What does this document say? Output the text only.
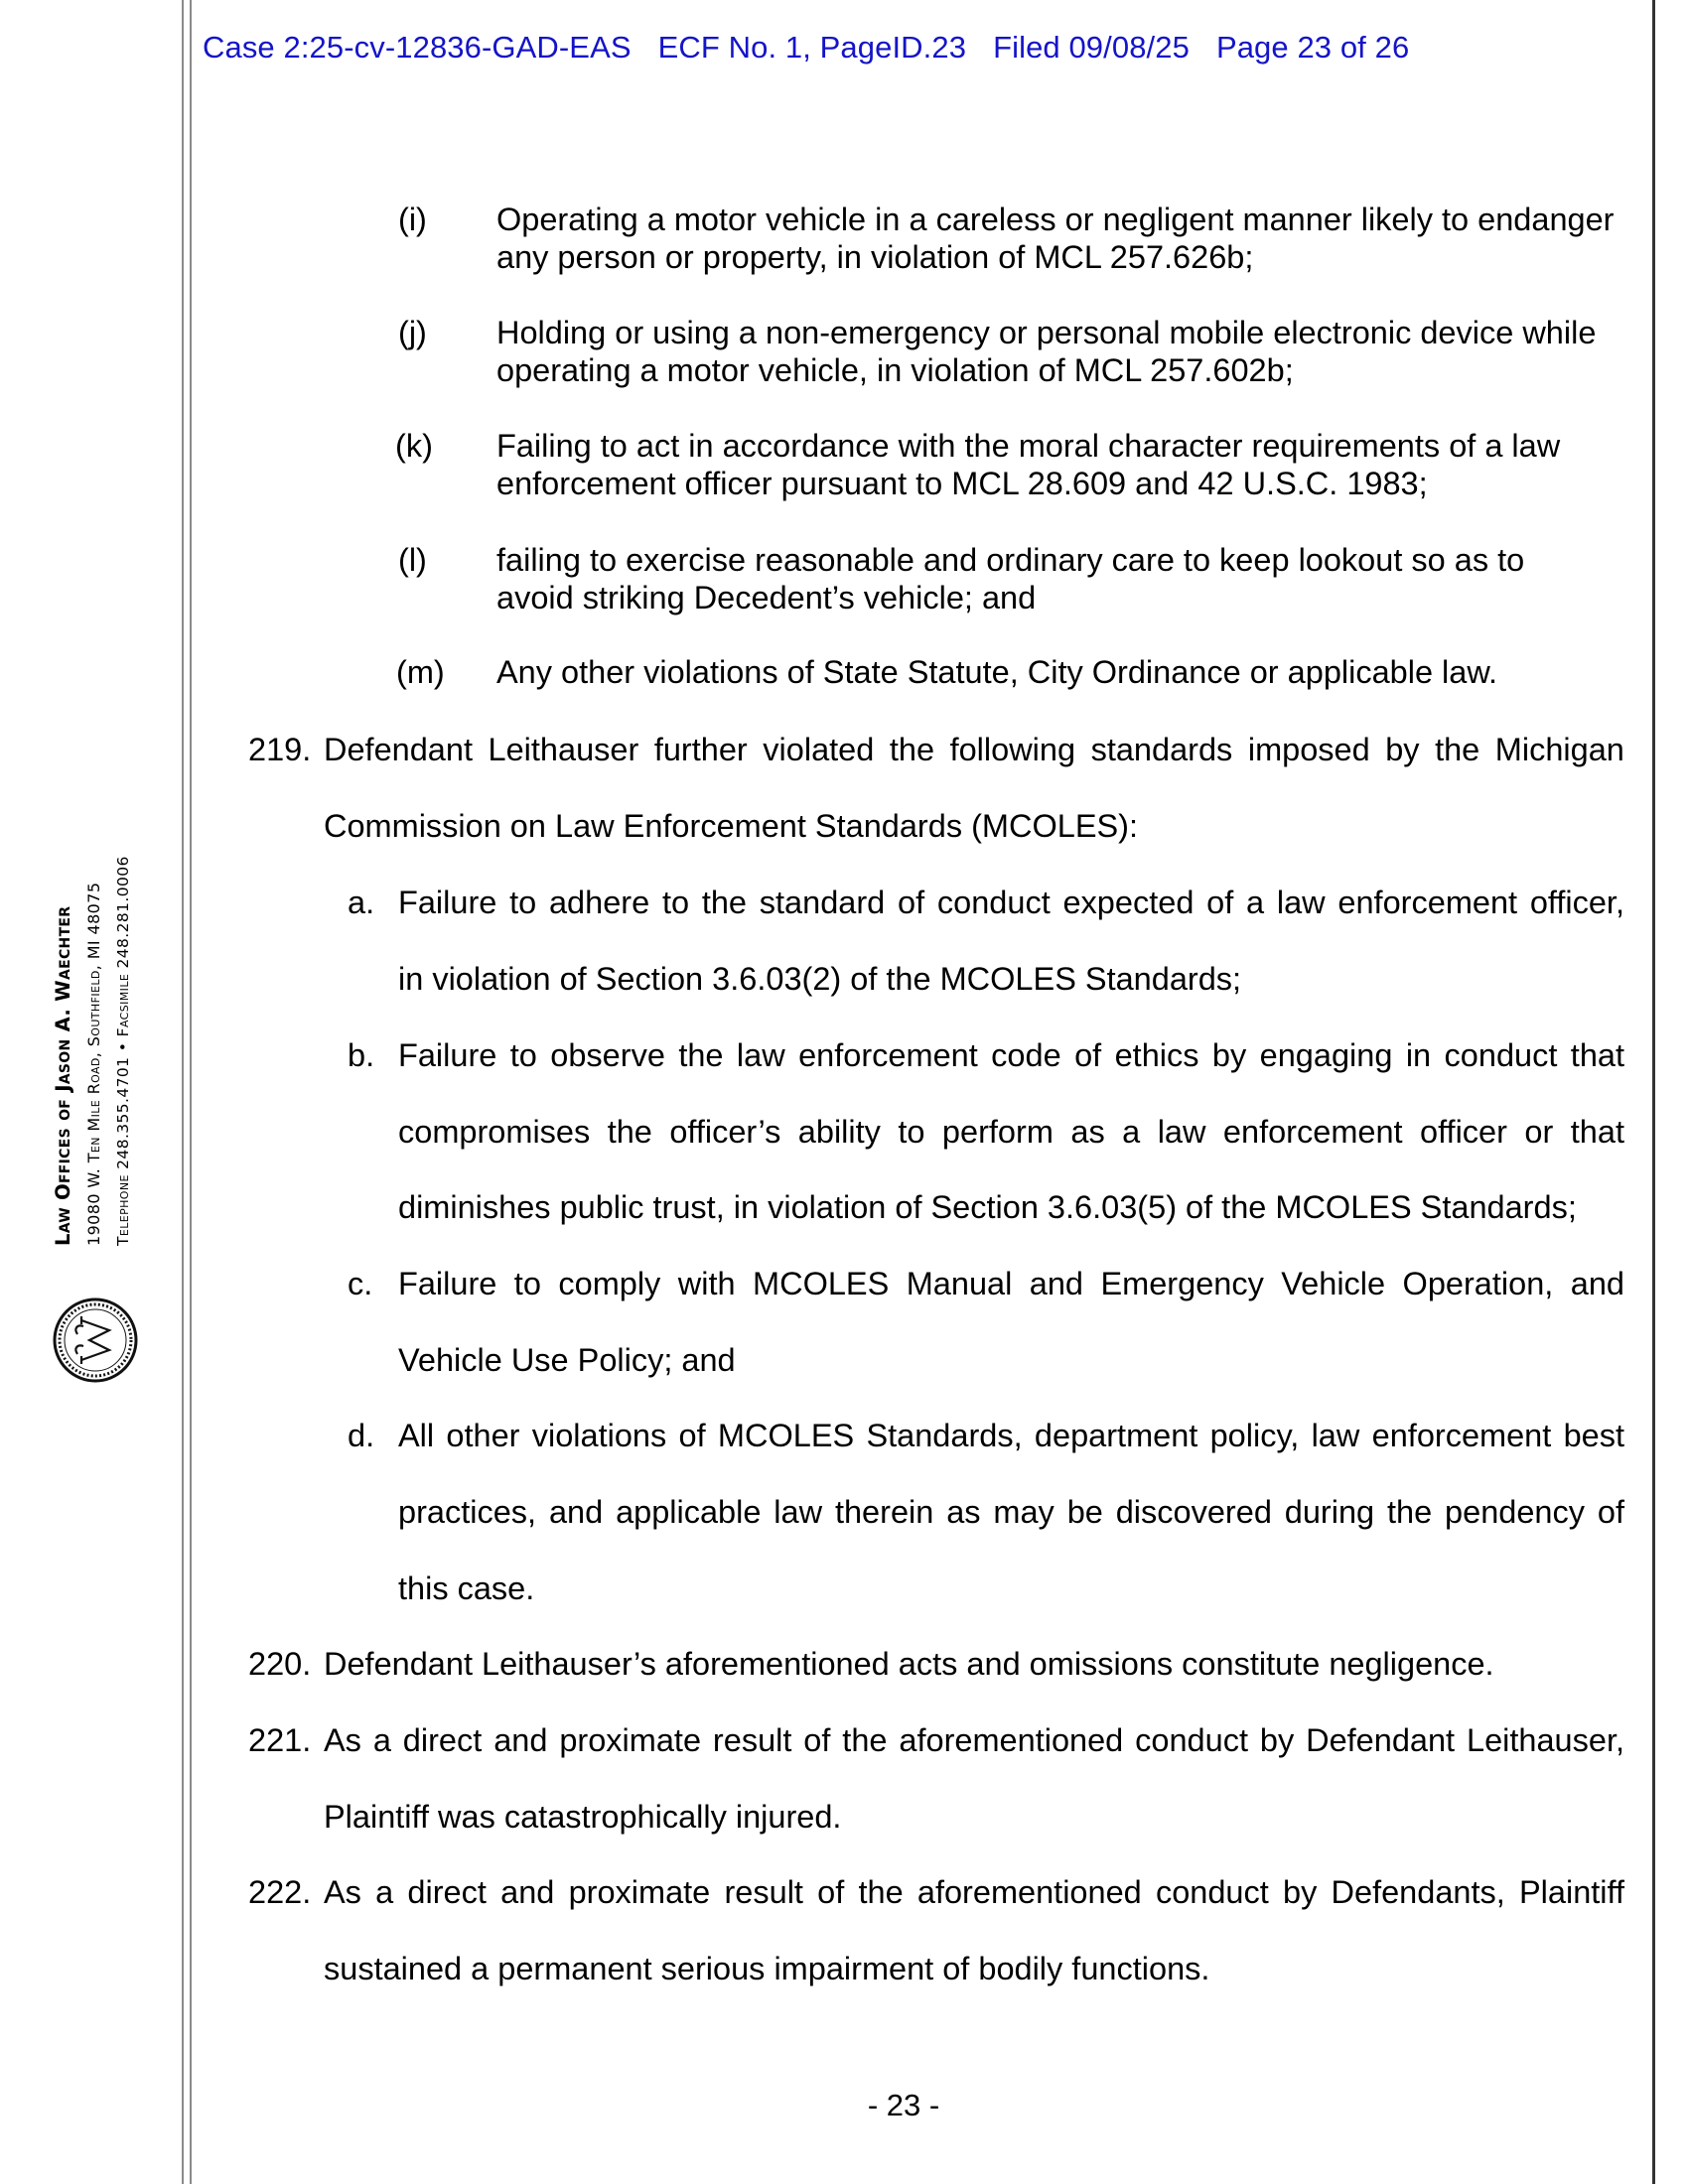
Case 2:25-cv-12836-GAD-EAS ECF No. 1, PageID.23 Filed 09/08/25 Page 23 of 26
Law Offices of Jason A. Waechter 19080 W. Ten Mile Road, Southfield, MI 48075 Telephone 248.355.4701 • Facsimile 248.281.0006
(i) Operating a motor vehicle in a careless or negligent manner likely to endanger
any person or property, in violation of MCL 257.626b;
(j) Holding or using a non-emergency or personal mobile electronic device while
operating a motor vehicle, in violation of MCL 257.602b;
(k) Failing to act in accordance with the moral character requirements of a law
enforcement officer pursuant to MCL 28.609 and 42 U.S.C. 1983;
(l) failing to exercise reasonable and ordinary care to keep lookout so as to
avoid striking Decedent’s vehicle; and
(m) Any other violations of State Statute, City Ordinance or applicable law.
219. Defendant Leithauser further violated the following standards imposed by the Michigan
Commission on Law Enforcement Standards (MCOLES):
a. Failure to adhere to the standard of conduct expected of a law enforcement officer,
in violation of Section 3.6.03(2) of the MCOLES Standards;
b. Failure to observe the law enforcement code of ethics by engaging in conduct that
compromises the officer’s ability to perform as a law enforcement officer or that
diminishes public trust, in violation of Section 3.6.03(5) of the MCOLES Standards;
c. Failure to comply with MCOLES Manual and Emergency Vehicle Operation, and
Vehicle Use Policy; and
d. All other violations of MCOLES Standards, department policy, law enforcement best
practices, and applicable law therein as may be discovered during the pendency of
this case.
220. Defendant Leithauser’s aforementioned acts and omissions constitute negligence.
221. As a direct and proximate result of the aforementioned conduct by Defendant Leithauser,
Plaintiff was catastrophically injured.
222. As a direct and proximate result of the aforementioned conduct by Defendants, Plaintiff
sustained a permanent serious impairment of bodily functions.
- 23 -
